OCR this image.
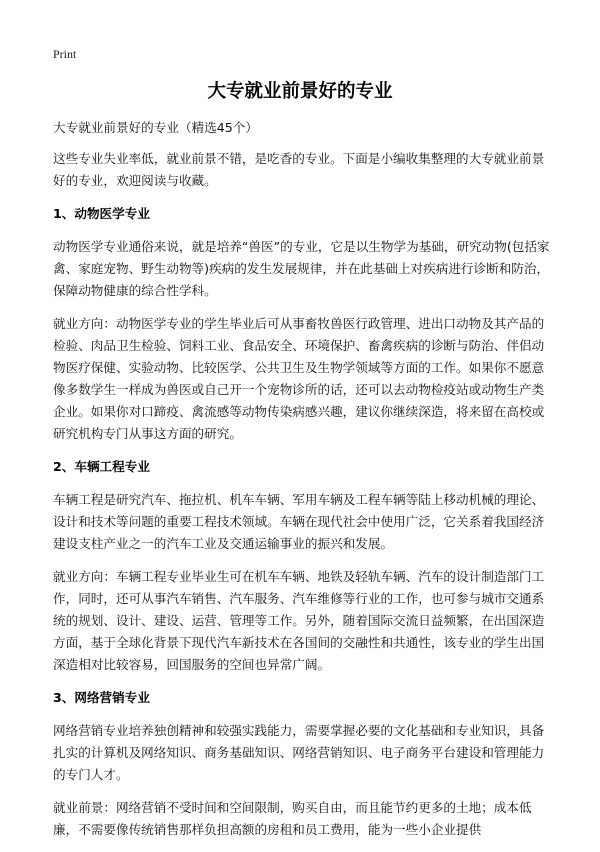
Print
大专就业前景好的专业

大专就业前景好的专业（精选45个）

这些专业失业率低，就业前景不错，是吃香的专业。下面是小编收集整理的大专就业前景好的专业，欢迎阅读与收藏。

1、动物医学专业

动物医学专业通俗来说，就是培养“兽医”的专业，它是以生物学为基础，研究动物(包括家禽、家庭宠物、野生动物等)疾病的发生发展规律，并在此基础上对疾病进行诊断和防治，保障动物健康的综合性学科。

就业方向：动物医学专业的学生毕业后可从事畜牧兽医行政管理、进出口动物及其产品的检验、肉品卫生检验、饲料工业、食品安全、环境保护、畜禽疾病的诊断与防治、伴侣动物医疗保健、实验动物、比较医学、公共卫生及生物学领域等方面的工作。如果你不愿意像多数学生一样成为兽医或自己开一个宠物诊所的话，还可以去动物检疫站或动物生产类企业。如果你对口蹄疫、禽流感等动物传染病感兴趣，建议你继续深造，将来留在高校或研究机构专门从事这方面的研究。

2、车辆工程专业

车辆工程是研究汽车、拖拉机、机车车辆、军用车辆及工程车辆等陆上移动机械的理论、设计和技术等问题的重要工程技术领域。车辆在现代社会中使用广泛，它关系着我国经济建设支柱产业之一的汽车工业及交通运输事业的振兴和发展。

就业方向：车辆工程专业毕业生可在机车车辆、地铁及轻轨车辆、汽车的设计制造部门工作，同时，还可从事汽车销售、汽车服务、汽车维修等行业的工作，也可参与城市交通系统的规划、设计、建设、运营、管理等工作。另外，随着国际交流日益频繁，在出国深造方面，基于全球化背景下现代汽车新技术在各国间的交融性和共通性，该专业的学生出国深造相对比较容易，回国服务的空间也异常广阔。

3、网络营销专业

网络营销专业培养独创精神和较强实践能力，需要掌握必要的文化基础和专业知识，具备扎实的计算机及网络知识、商务基础知识、网络营销知识、电子商务平台建设和管理能力的专门人才。

就业前景：网络营销不受时间和空间限制，购买自由，而且能节约更多的土地；成本低廉，不需要像传统销售那样负担高额的房租和员工费用，能为一些小企业提供
